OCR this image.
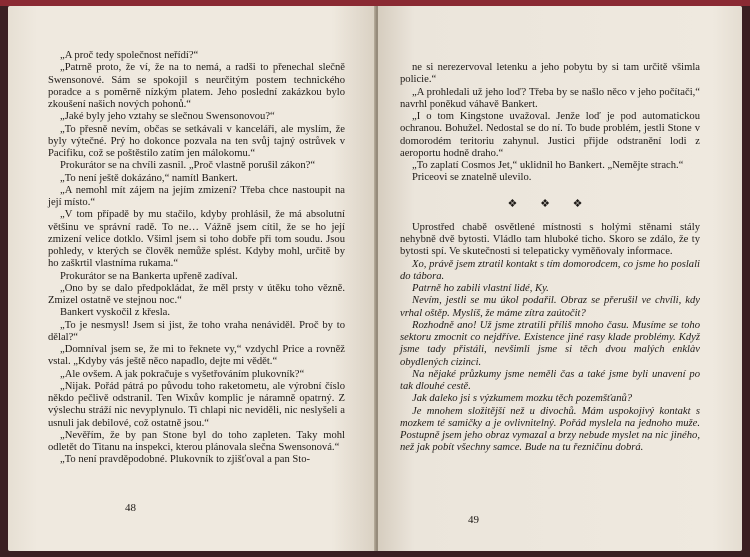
„A proč tedy společnost neřídí?“

„Patrně proto, že ví, že na to nemá, a radši to přenechal slečně Swensonové. Sám se spokojil s neurčitým postem technického poradce a s poměrně nízkým platem. Jeho poslední zakázkou bylo zkoušení našich nových pohonů.“

„Jaké byly jeho vztahy se slečnou Swensonovou?“

„To přesně nevím, občas se setkávali v kanceláři, ale myslím, že byly výtečné. Prý ho dokonce pozvala na ten svůj tajný ostrůvek v Pacifiku, což se poštěstilo zatím jen málokomu.“

Prokurátor se na chvíli zasnil. „Proč vlastně porušil zákon?“

„To není ještě dokázáno,“ namítl Bankert.

„A nemohl mít zájem na jejím zmizení? Třeba chce nastoupit na její místo.“

„V tom případě by mu stačilo, kdyby prohlásil, že má absolutní většinu ve správní radě. To ne… Vážně jsem cítil, že se ho její zmizení velice dotklo. Všiml jsem si toho dobře při tom soudu. Jsou pohledy, v kterých se člověk nemůže splést. Kdyby mohl, určitě by ho zaškrtil vlastníma rukama.“

Prokurátor se na Bankerta upřeně zadíval.

„Ono by se dalo předpokládat, že měl prsty v útěku toho vězně. Zmizel ostatně ve stejnou noc.“

Bankert vyskočil z křesla.

„To je nesmysl! Jsem si jist, že toho vraha nenáviděl. Proč by to dělal?“

„Domníval jsem se, že mi to řeknete vy,“ vzdychl Price a rovněž vstal. „Kdyby vás ještě něco napadlo, dejte mi vědět.“

„Ale ovšem. A jak pokračuje s vyšetřováním plukovník?“

„Nijak. Pořád pátrá po původu toho raketometu, ale výrobní číslo někdo pečlivě odstranil. Ten Wixův komplic je náramně opatrný. Z výslechu stráží nic nevyplynulo. Ti chlapi nic neviděli, nic neslyšeli a usnuli jak debilové, což ostatně jsou.“

„Nevěřím, že by pan Stone byl do toho zapleten. Taky mohl odletět do Titanu na inspekci, kterou plánovala slečna Swensonová.“

„To není pravděpodobné. Plukovník to zjišťoval a pan Sto-

48

ne si nerezervoval letenku a jeho pobytu by si tam určitě všimla policie.“

„A prohledali už jeho loď? Třeba by se našlo něco v jeho počítači,“ navrhl poněkud váhavě Bankert.

„I o tom Kingstone uvažoval. Jenže loď je pod automatickou ochranou. Bohužel. Nedostal se do ní. To bude problém, jestli Stone v domorodém teritoriu zahynul. Justici přijde odstranění lodi z aeroportu hodně draho.“

„To zaplatí Cosmos Jet,“ uklidnil ho Bankert. „Nemějte strach.“

Priceovi se znatelně ulevilo.

❖ ❖ ❖

Uprostřed chabě osvětlené místnosti s holými stěnami stály nehybně dvě bytosti. Vládlo tam hluboké ticho. Skoro se zdálo, že ty bytosti spí. Ve skutečnosti si telepaticky vyměňovaly informace.

Xo, právě jsem ztratil kontakt s tím domorodcem, co jsme ho poslali do tábora.

Patrně ho zabili vlastní lidé, Ky.

Nevím, jestli se mu úkol podařil. Obraz se přerušil ve chvíli, kdy vrhal oštěp. Myslíš, že máme zítra zaútočit?

Rozhodně ano! Už jsme ztratili příliš mnoho času. Musíme se toho sektoru zmocnit co nejdříve. Existence jiné rasy klade problémy. Když jsme tady přistáli, nevšimli jsme si těch dvou malých enklàv obydlených cizinci.

Na nějaké průzkumy jsme neměli čas a také jsme byli unavení po tak dlouhé cestě.

Jak daleko jsi s výzkumem mozku těch pozemšťanů?

Je mnohem složitější než u divochů. Mám uspokojivý kontakt s mozkem té samičky a je ovlivnitelný. Pořád myslela na jednoho muže. Postupně jsem jeho obraz vymazal a brzy nebude myslet na nic jiného, než jak pobít všechny samce. Bude na tu řezničinu dobrá.

49
